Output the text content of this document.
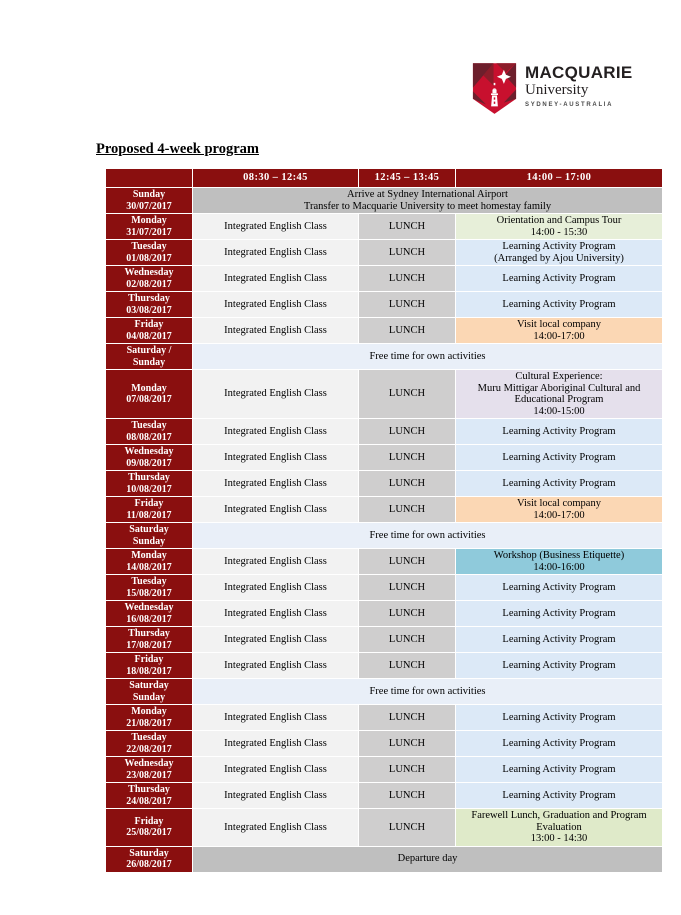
MACQUARIE
University
SYDNEY-AUSTRALIA
Proposed 4-week program
	08:30 – 12:45	12:45 – 13:45	14:00 – 17:00
Sunday
30/07/2017	Arrive at Sydney International Airport
Transfer to Macquarie University to meet homestay family		
Monday
31/07/2017	Integrated English Class	LUNCH	Orientation and Campus Tour
14:00 - 15:30
Tuesday
01/08/2017	Integrated English Class	LUNCH	Learning Activity Program
(Arranged by Ajou University)
Wednesday
02/08/2017	Integrated English Class	LUNCH	Learning Activity Program
Thursday
03/08/2017	Integrated English Class	LUNCH	Learning Activity Program
Friday
04/08/2017	Integrated English Class	LUNCH	Visit local company
14:00-17:00
Saturday /
Sunday	Free time for own activities		
Monday
07/08/2017	Integrated English Class	LUNCH	Cultural Experience:
Muru Mittigar Aboriginal Cultural and
Educational Program
14:00-15:00
Tuesday
08/08/2017	Integrated English Class	LUNCH	Learning Activity Program
Wednesday
09/08/2017	Integrated English Class	LUNCH	Learning Activity Program
Thursday
10/08/2017	Integrated English Class	LUNCH	Learning Activity Program
Friday
11/08/2017	Integrated English Class	LUNCH	Visit local company
14:00-17:00
Saturday
Sunday	Free time for own activities		
Monday
14/08/2017	Integrated English Class	LUNCH	Workshop (Business Etiquette)
14:00-16:00
Tuesday
15/08/2017	Integrated English Class	LUNCH	Learning Activity Program
Wednesday
16/08/2017	Integrated English Class	LUNCH	Learning Activity Program
Thursday
17/08/2017	Integrated English Class	LUNCH	Learning Activity Program
Friday
18/08/2017	Integrated English Class	LUNCH	Learning Activity Program
Saturday
Sunday	Free time for own activities		
Monday
21/08/2017	Integrated English Class	LUNCH	Learning Activity Program
Tuesday
22/08/2017	Integrated English Class	LUNCH	Learning Activity Program
Wednesday
23/08/2017	Integrated English Class	LUNCH	Learning Activity Program
Thursday
24/08/2017	Integrated English Class	LUNCH	Learning Activity Program
Friday
25/08/2017	Integrated English Class	LUNCH	Farewell Lunch, Graduation and Program
Evaluation
13:00 - 14:30
Saturday
26/08/2017	Departure day		
